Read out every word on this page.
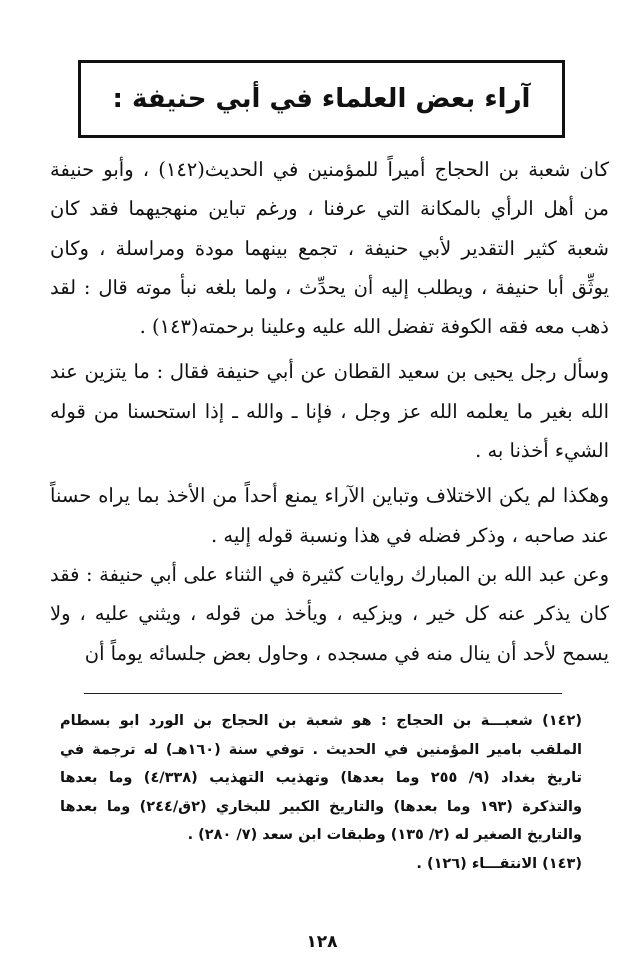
آراء بعض العلماء في أبي حنيفة :

كان شعبة بن الحجاج أميراً للمؤمنين في الحديث(١٤٢) ، وأبو حنيفة من أهل الرأي بالمكانة التي عرفنا ، ورغم تباين منهجيهما فقد كان شعبة كثير التقدير لأبي حنيفة ، تجمع بينهما مودة ومراسلة ، وكان يوثِّق أبا حنيفة ، ويطلب إليه أن يحدِّث ، ولما بلغه نبأ موته قال : لقد ذهب معه فقه الكوفة تفضل الله عليه وعلينا برحمته(١٤٣) .

وسأل رجل يحيى بن سعيد القطان عن أبي حنيفة فقال : ما يتزين عند الله بغير ما يعلمه الله عز وجل ، فإنا ـ والله ـ إذا استحسنا من قوله الشيء أخذنا به .

وهكذا لم يكن الاختلاف وتباين الآراء يمنع أحداً من الأخذ بما يراه حسناً عند صاحبه ، وذكر فضله في هذا ونسبة قوله إليه .

وعن عبد الله بن المبارك روايات كثيرة في الثناء على أبي حنيفة : فقد كان يذكر عنه كل خير ، ويزكيه ، ويأخذ من قوله ، ويثني عليه ، ولا يسمح لأحد أن ينال منه في مسجده ، وحاول بعض جلسائه يوماً أن

(١٤٢) شعبـــة بن الحجاج : هو شعبة بن الحجاج بن الورد ابو بسطام الملقب بامير المؤمنين في الحديث . توفي سنة (١٦٠هـ) له ترجمة في تاريخ بغداد (٩/ ٢٥٥ وما بعدها) وتهذيب التهذيب (٤/٣٣٨) وما بعدها والتذكرة (١٩٣ وما بعدها) والتاريخ الكبير للبخاري (٢ق/٢٤٤) وما بعدها والتاريخ الصغير له (٢/ ١٣٥) وطبقات ابن سعد (٧/ ٢٨٠) .

(١٤٣) الانتقـــاء (١٢٦) .

١٢٨
